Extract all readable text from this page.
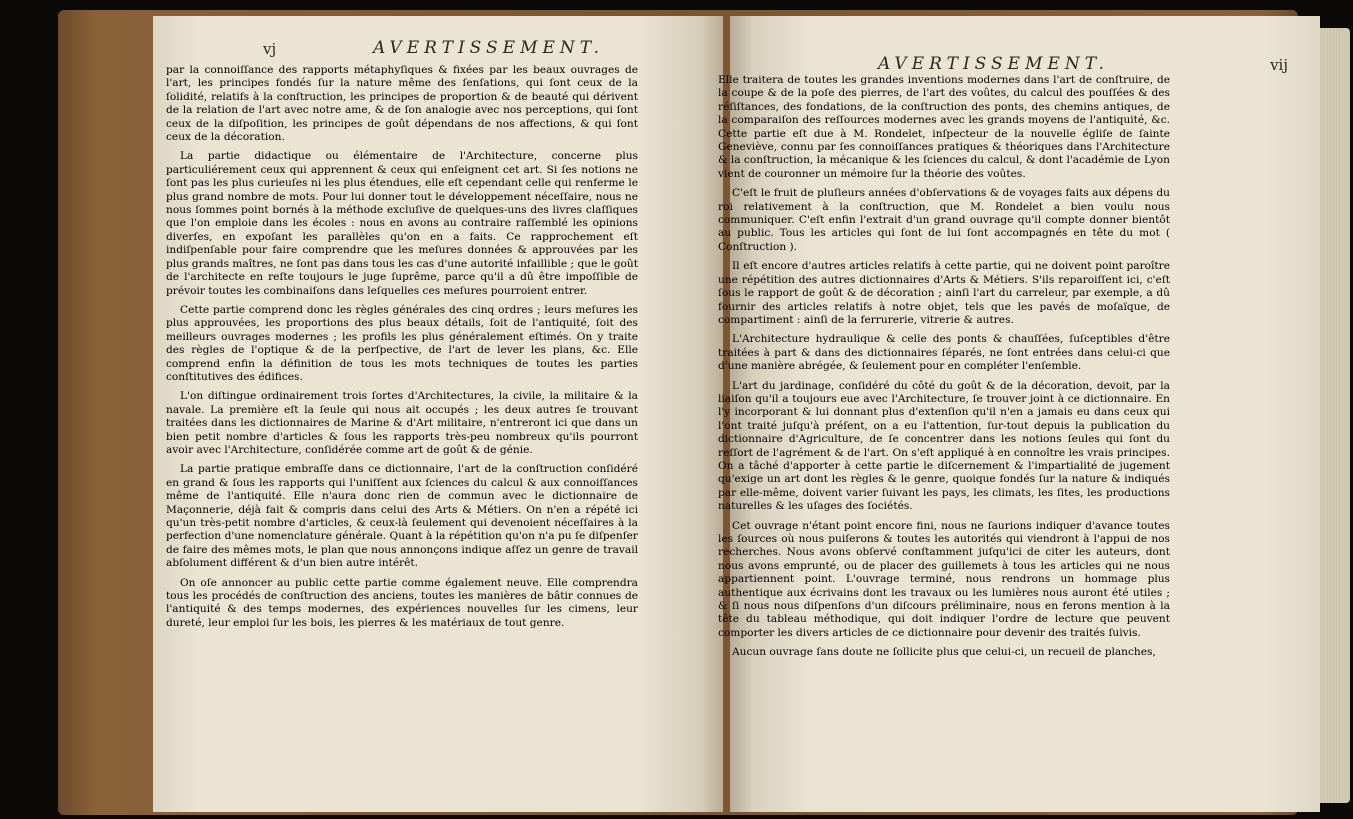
vj	AVERTISSEMENT.
AVERTISSEMENT.	vij

par la connoiſſance des rapports métaphyſiques & fixées par les beaux ouvrages de l'art, les principes fondés ſur la nature même des ſenſations, qui ſont ceux de la ſolidité, relatifs à la conſtruction, les principes de proportion & de beauté qui dérivent de la relation de l'art avec notre ame, & de ſon analogie avec nos perceptions, qui ſont ceux de la diſpoſition, les principes de goût dépendans de nos affections, & qui ſont ceux de la décoration.

La partie didactique ou élémentaire de l'Architecture, concerne plus particuliérement ceux qui apprennent & ceux qui enſeignent cet art. Si ſes notions ne ſont pas les plus curieuſes ni les plus étendues, elle eſt cependant celle qui renferme le plus grand nombre de mots. Pour lui donner tout le développement néceſſaire, nous ne nous ſommes point bornés à la méthode excluſive de quelques-uns des livres claſſiques que l'on emploie dans les écoles : nous en avons au contraire raſſemblé les opinions diverſes, en expoſant les parallèles qu'on en a faits. Ce rapprochement eſt indiſpenſable pour faire comprendre que les meſures données & approuvées par les plus grands maîtres, ne ſont pas dans tous les cas d'une autorité infaillible ; que le goût de l'architecte en reſte toujours le juge ſuprême, parce qu'il a dû être impoſſible de prévoir toutes les combinaiſons dans leſquelles ces meſures pourroient entrer.

Cette partie comprend donc les règles générales des cinq ordres ; leurs meſures les plus approuvées, les proportions des plus beaux détails, ſoit de l'antiquité, ſoit des meilleurs ouvrages modernes ; les profils les plus généralement eſtimés. On y traite des règles de l'optique & de la perſpective, de l'art de lever les plans, &c. Elle comprend enfin la définition de tous les mots techniques de toutes les parties conſtitutives des édifices.

L'on diſtingue ordinairement trois ſortes d'Architectures, la civile, la militaire & la navale. La première eſt la ſeule qui nous ait occupés ; les deux autres ſe trouvant traitées dans les dictionnaires de Marine & d'Art militaire, n'entreront ici que dans un bien petit nombre d'articles & ſous les rapports très-peu nombreux qu'ils pourront avoir avec l'Architecture, conſidérée comme art de goût & de génie.

La partie pratique embraſſe dans ce dictionnaire, l'art de la conſtruction conſidéré en grand & ſous les rapports qui l'uniſſent aux ſciences du calcul & aux connoiſſances même de l'antiquité. Elle n'aura donc rien de commun avec le dictionnaire de Maçonnerie, déjà fait & compris dans celui des Arts & Métiers. On n'en a répété ici qu'un très-petit nombre d'articles, & ceux-là ſeulement qui devenoient néceſſaires à la perfection d'une nomenclature générale. Quant à la répétition qu'on n'a pu ſe diſpenſer de faire des mêmes mots, le plan que nous annonçons indique aſſez un genre de travail abſolument différent & d'un bien autre intérêt.

On oſe annoncer au public cette partie comme également neuve. Elle comprendra tous les procédés de conſtruction des anciens, toutes les manières de bâtir connues de l'antiquité & des temps modernes, des expériences nouvelles ſur les cimens, leur dureté, leur emploi ſur les bois, les pierres & les matériaux de tout genre.

Elle traitera de toutes les grandes inventions modernes dans l'art de conſtruire, de la coupe & de la poſe des pierres, de l'art des voûtes, du calcul des pouſſées & des réſiſtances, des fondations, de la conſtruction des ponts, des chemins antiques, de la comparaiſon des reſſources modernes avec les grands moyens de l'antiquité, &c. Cette partie eſt due à M. Rondelet, inſpecteur de la nouvelle égliſe de ſainte Geneviève, connu par ſes connoiſſances pratiques & théoriques dans l'Architecture & la conſtruction, la mécanique & les ſciences du calcul, & dont l'académie de Lyon vient de couronner un mémoire ſur la théorie des voûtes.

C'eſt le fruit de pluſieurs années d'obſervations & de voyages faits aux dépens du roi relativement à la conſtruction, que M. Rondelet a bien voulu nous communiquer. C'eſt enfin l'extrait d'un grand ouvrage qu'il compte donner bientôt au public. Tous les articles qui ſont de lui ſont accompagnés en tête du mot ( Conſtruction ).

Il eſt encore d'autres articles relatifs à cette partie, qui ne doivent point paroître une répétition des autres dictionnaires d'Arts & Métiers. S'ils reparoiſſent ici, c'eſt ſous le rapport de goût & de décoration ; ainſi l'art du carreleur, par exemple, a dû fournir des articles relatifs à notre objet, tels que les pavés de moſaïque, de compartiment : ainſi de la ferrurerie, vitrerie & autres.

L'Architecture hydraulique & celle des ponts & chauſſées, ſuſceptibles d'être traitées à part & dans des dictionnaires ſéparés, ne ſont entrées dans celui-ci que d'une manière abrégée, & ſeulement pour en compléter l'enſemble.

L'art du jardinage, conſidéré du côté du goût & de la décoration, devoit, par la liaiſon qu'il a toujours eue avec l'Architecture, ſe trouver joint à ce dictionnaire. En l'y incorporant & lui donnant plus d'extenſion qu'il n'en a jamais eu dans ceux qui l'ont traité juſqu'à préſent, on a eu l'attention, ſur-tout depuis la publication du dictionnaire d'Agriculture, de ſe concentrer dans les notions ſeules qui ſont du reſſort de l'agrément & de l'art. On s'eſt appliqué à en connoître les vrais principes. On a tâché d'apporter à cette partie le diſcernement & l'impartialité de jugement qu'exige un art dont les règles & le genre, quoique fondés ſur la nature & indiqués par elle-même, doivent varier ſuivant les pays, les climats, les ſites, les productions naturelles & les uſages des ſociétés.

Cet ouvrage n'étant point encore fini, nous ne ſaurions indiquer d'avance toutes les ſources où nous puiſerons & toutes les autorités qui viendront à l'appui de nos recherches. Nous avons obſervé conſtamment juſqu'ici de citer les auteurs, dont nous avons emprunté, ou de placer des guillemets à tous les articles qui ne nous appartiennent point. L'ouvrage terminé, nous rendrons un hommage plus authentique aux écrivains dont les travaux ou les lumières nous auront été utiles ; & ſi nous nous diſpenſons d'un diſcours préliminaire, nous en ferons mention à la tête du tableau méthodique, qui doit indiquer l'ordre de lecture que peuvent comporter les divers articles de ce dictionnaire pour devenir des traités ſuivis.

Aucun ouvrage ſans doute ne ſollicite plus que celui-ci, un recueil de planches,
